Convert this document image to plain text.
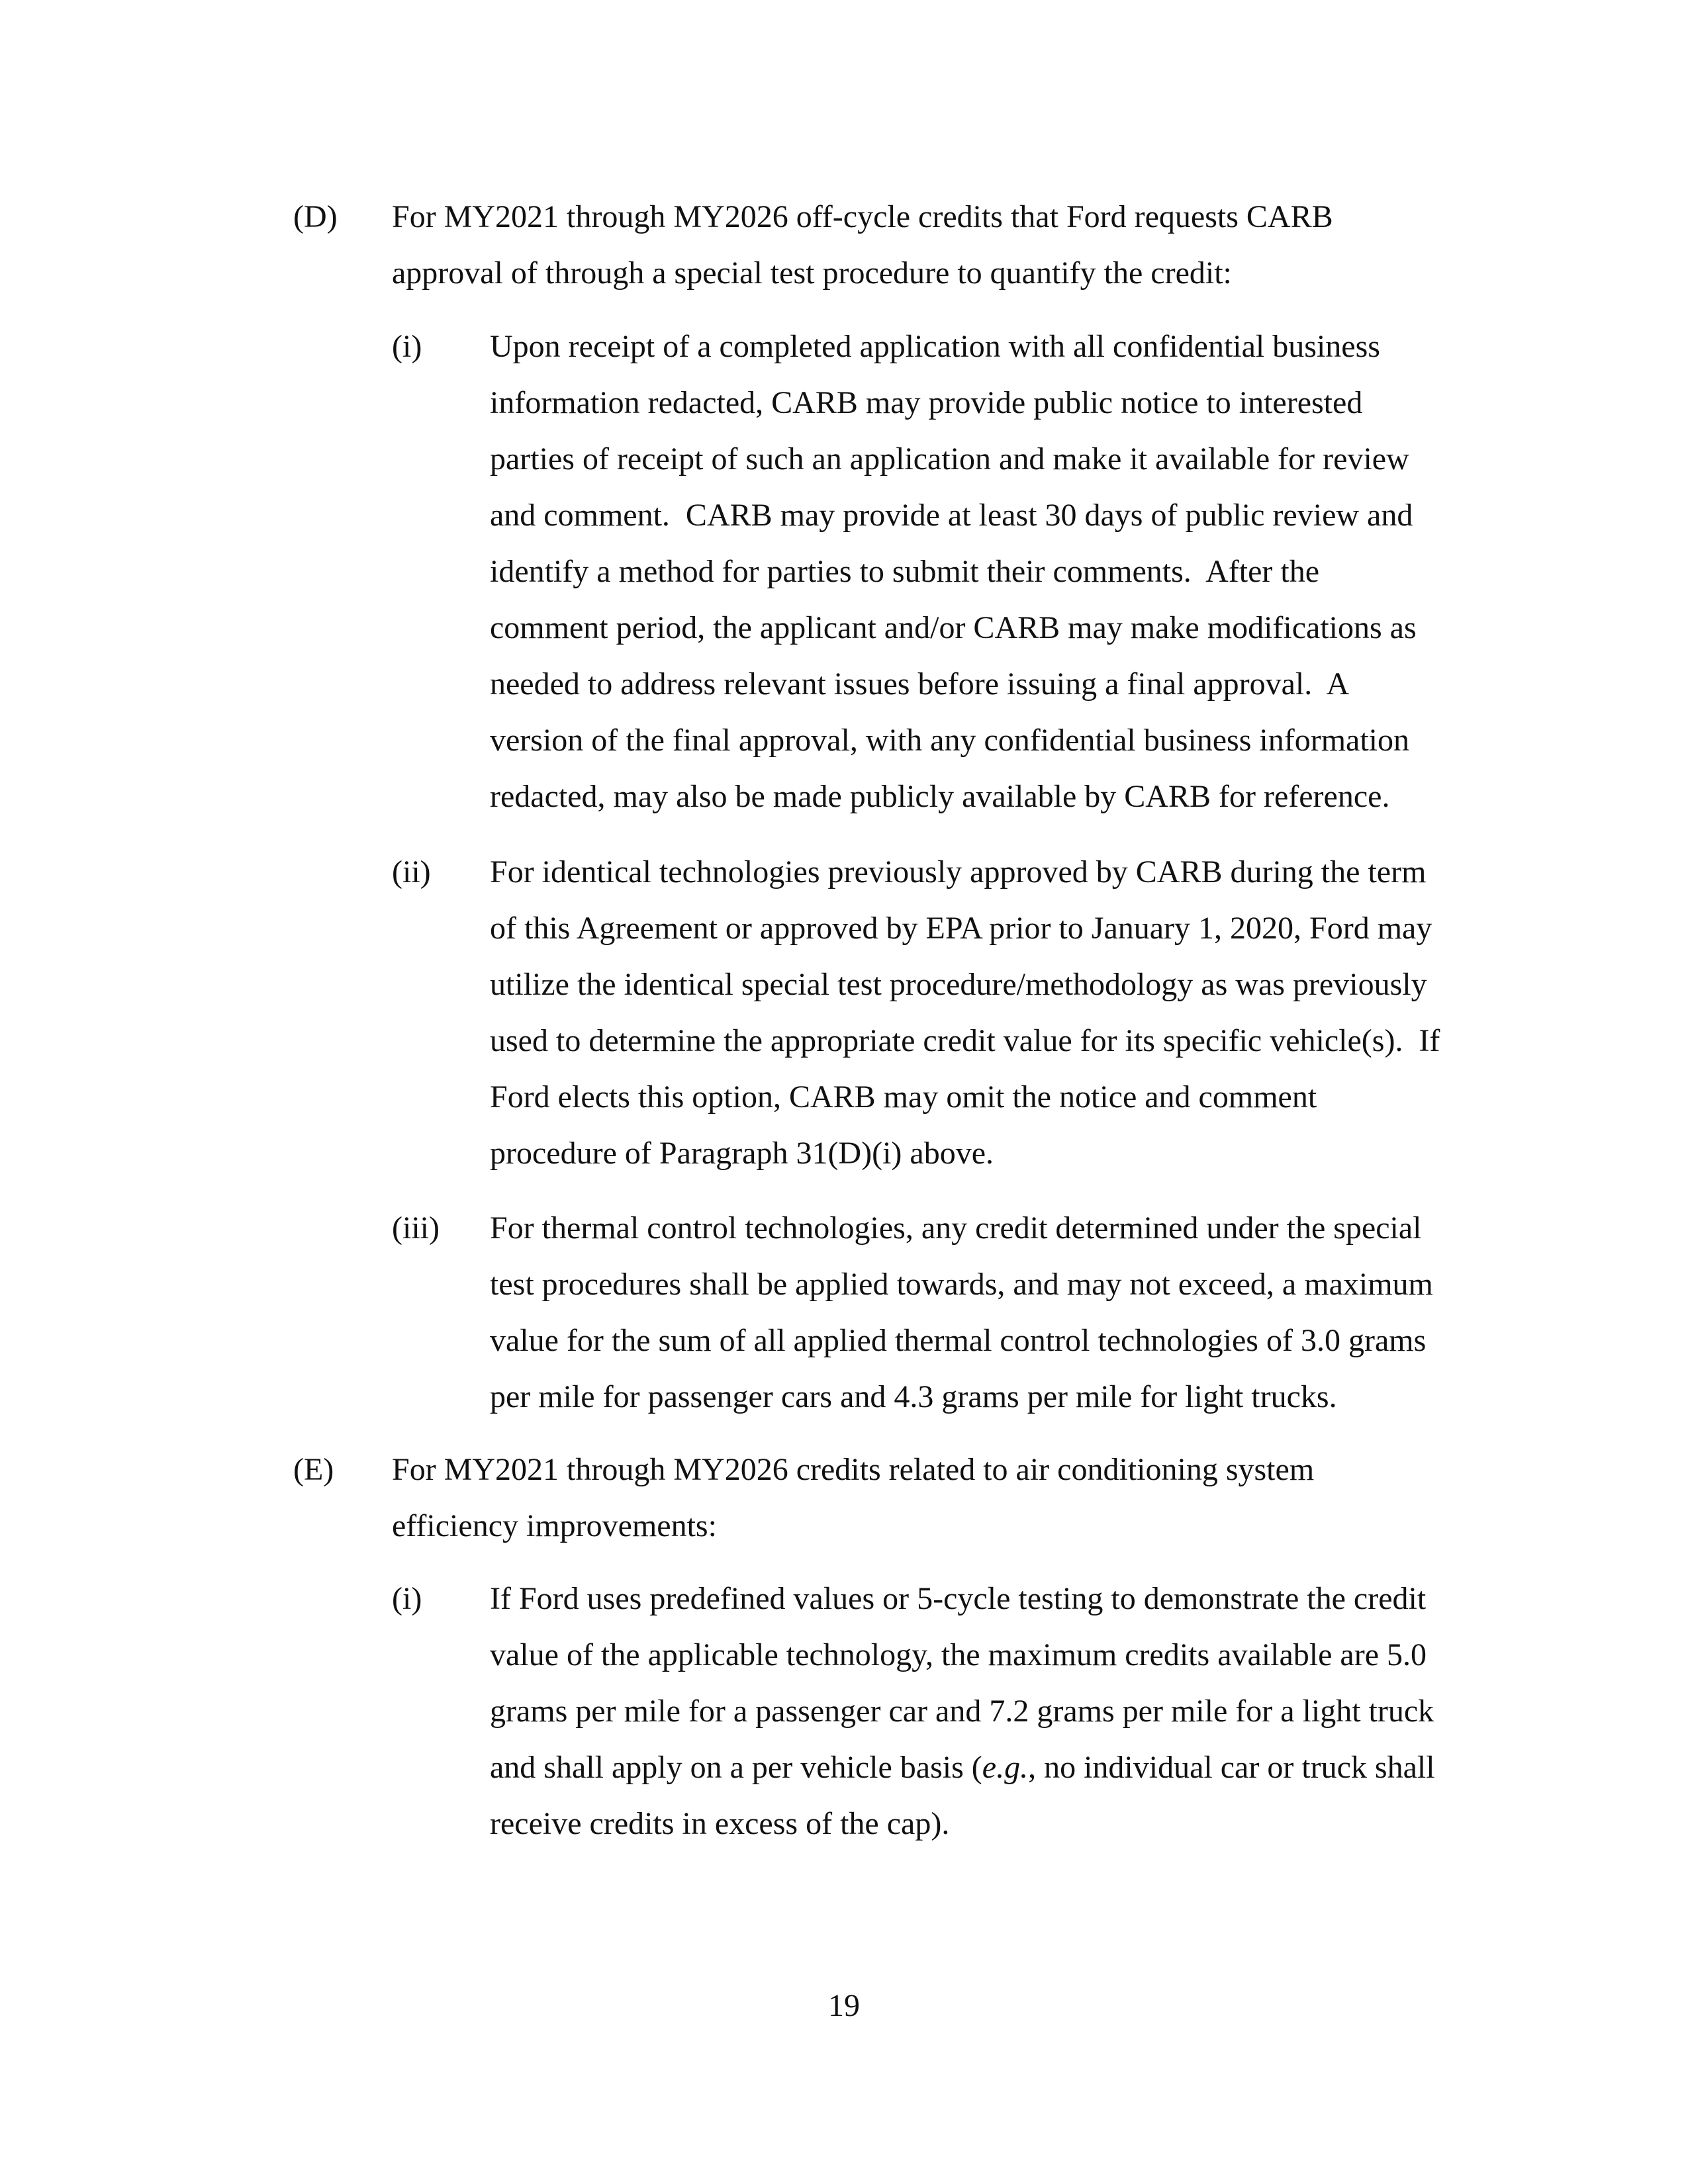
(D) For MY2021 through MY2026 off-cycle credits that Ford requests CARB
approval of through a special test procedure to quantify the credit:
(i) Upon receipt of a completed application with all confidential business
information redacted, CARB may provide public notice to interested
parties of receipt of such an application and make it available for review
and comment.  CARB may provide at least 30 days of public review and
identify a method for parties to submit their comments.  After the
comment period, the applicant and/or CARB may make modifications as
needed to address relevant issues before issuing a final approval.  A
version of the final approval, with any confidential business information
redacted, may also be made publicly available by CARB for reference.
(ii) For identical technologies previously approved by CARB during the term
of this Agreement or approved by EPA prior to January 1, 2020, Ford may
utilize the identical special test procedure/methodology as was previously
used to determine the appropriate credit value for its specific vehicle(s).  If
Ford elects this option, CARB may omit the notice and comment
procedure of Paragraph 31(D)(i) above.
(iii) For thermal control technologies, any credit determined under the special
test procedures shall be applied towards, and may not exceed, a maximum
value for the sum of all applied thermal control technologies of 3.0 grams
per mile for passenger cars and 4.3 grams per mile for light trucks.
(E) For MY2021 through MY2026 credits related to air conditioning system
efficiency improvements:
(i) If Ford uses predefined values or 5-cycle testing to demonstrate the credit
value of the applicable technology, the maximum credits available are 5.0
grams per mile for a passenger car and 7.2 grams per mile for a light truck
and shall apply on a per vehicle basis (e.g., no individual car or truck shall
receive credits in excess of the cap).
19
